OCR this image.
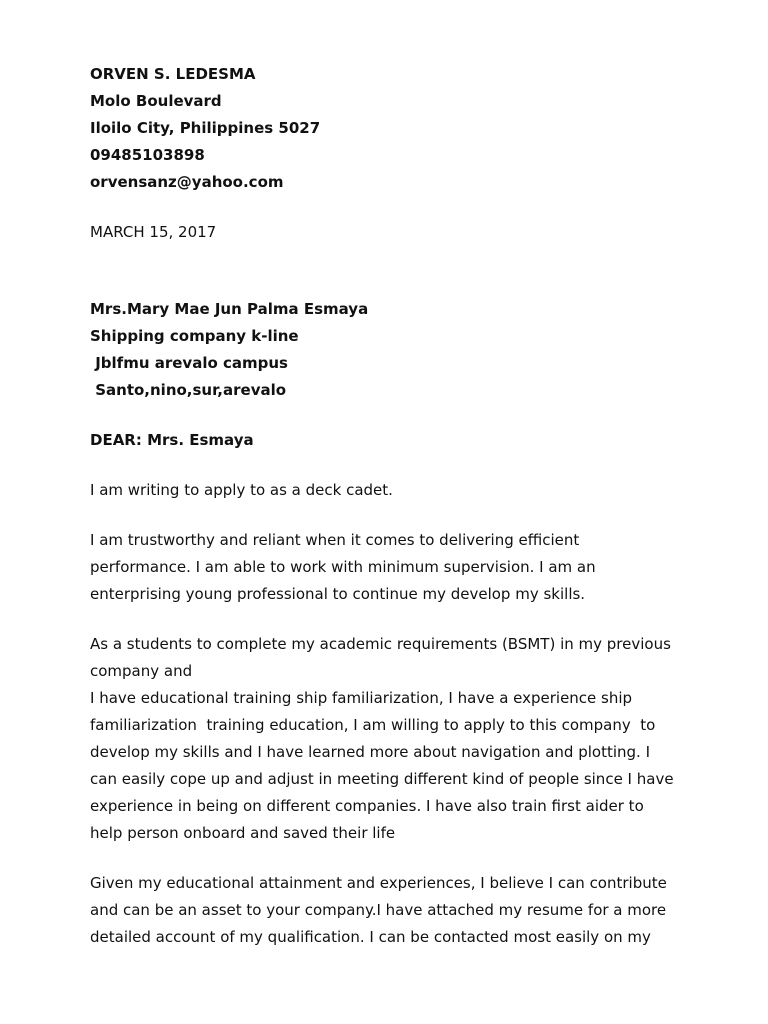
ORVEN S. LEDESMA
Molo Boulevard
Iloilo City, Philippines 5027
09485103898
orvensanz@yahoo.com
MARCH 15, 2017
Mrs.Mary Mae Jun Palma Esmaya
Shipping company k-line
Jblfmu arevalo campus
Santo,nino,sur,arevalo
DEAR: Mrs. Esmaya
I am writing to apply to as a deck cadet.
I am trustworthy and reliant when it comes to delivering efficient
performance. I am able to work with minimum supervision. I am an
enterprising young professional to continue my develop my skills.
As a students to complete my academic requirements (BSMT) in my previous
company and
I have educational training ship familiarization, I have a experience ship
familiarization  training education, I am willing to apply to this company  to
develop my skills and I have learned more about navigation and plotting. I
can easily cope up and adjust in meeting different kind of people since I have
experience in being on different companies. I have also train first aider to
help person onboard and saved their life
Given my educational attainment and experiences, I believe I can contribute
and can be an asset to your company.I have attached my resume for a more
detailed account of my qualification. I can be contacted most easily on my
